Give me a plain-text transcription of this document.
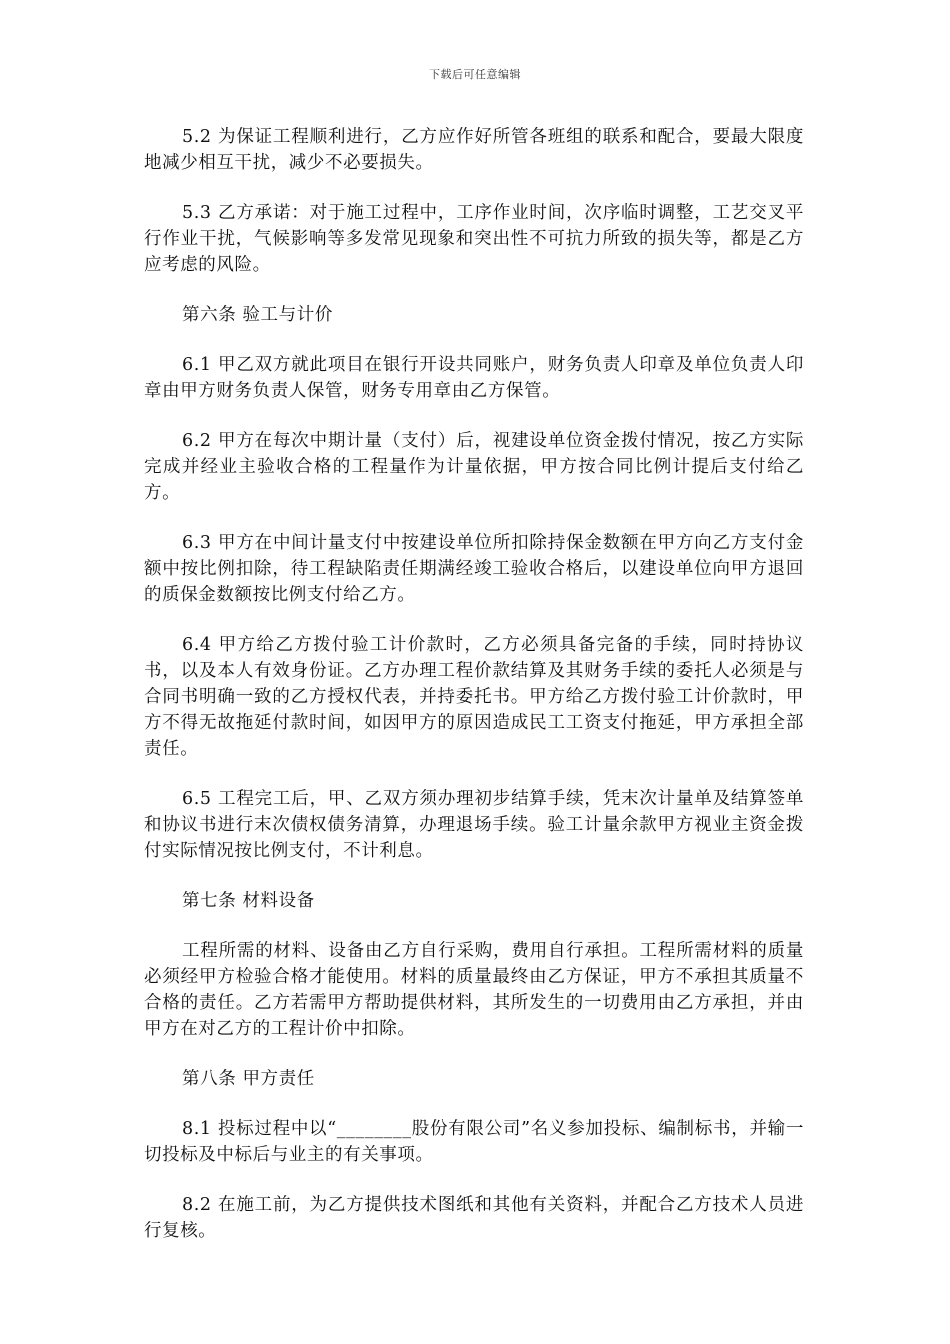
下载后可任意编辑

5.2 为保证工程顺利进行，乙方应作好所管各班组的联系和配合，要最大限度地减少相互干扰，减少不必要损失。

5.3 乙方承诺：对于施工过程中，工序作业时间，次序临时调整，工艺交叉平行作业干扰，气候影响等多发常见现象和突出性不可抗力所致的损失等，都是乙方应考虑的风险。

第六条 验工与计价

6.1 甲乙双方就此项目在银行开设共同账户，财务负责人印章及单位负责人印章由甲方财务负责人保管，财务专用章由乙方保管。

6.2 甲方在每次中期计量（支付）后，视建设单位资金拨付情况，按乙方实际完成并经业主验收合格的工程量作为计量依据，甲方按合同比例计提后支付给乙方。

6.3 甲方在中间计量支付中按建设单位所扣除持保金数额在甲方向乙方支付金额中按比例扣除，待工程缺陷责任期满经竣工验收合格后，以建设单位向甲方退回的质保金数额按比例支付给乙方。

6.4 甲方给乙方拨付验工计价款时，乙方必须具备完备的手续，同时持协议书，以及本人有效身份证。乙方办理工程价款结算及其财务手续的委托人必须是与合同书明确一致的乙方授权代表，并持委托书。甲方给乙方拨付验工计价款时，甲方不得无故拖延付款时间，如因甲方的原因造成民工工资支付拖延，甲方承担全部责任。

6.5 工程完工后，甲、乙双方须办理初步结算手续，凭末次计量单及结算签单和协议书进行末次债权债务清算，办理退场手续。验工计量余款甲方视业主资金拨付实际情况按比例支付，不计利息。

第七条 材料设备

工程所需的材料、设备由乙方自行采购，费用自行承担。工程所需材料的质量必须经甲方检验合格才能使用。材料的质量最终由乙方保证，甲方不承担其质量不合格的责任。乙方若需甲方帮助提供材料，其所发生的一切费用由乙方承担，并由甲方在对乙方的工程计价中扣除。

第八条 甲方责任

8.1 投标过程中以“________股份有限公司”名义参加投标、编制标书，并输一切投标及中标后与业主的有关事项。

8.2 在施工前，为乙方提供技术图纸和其他有关资料，并配合乙方技术人员进行复核。
